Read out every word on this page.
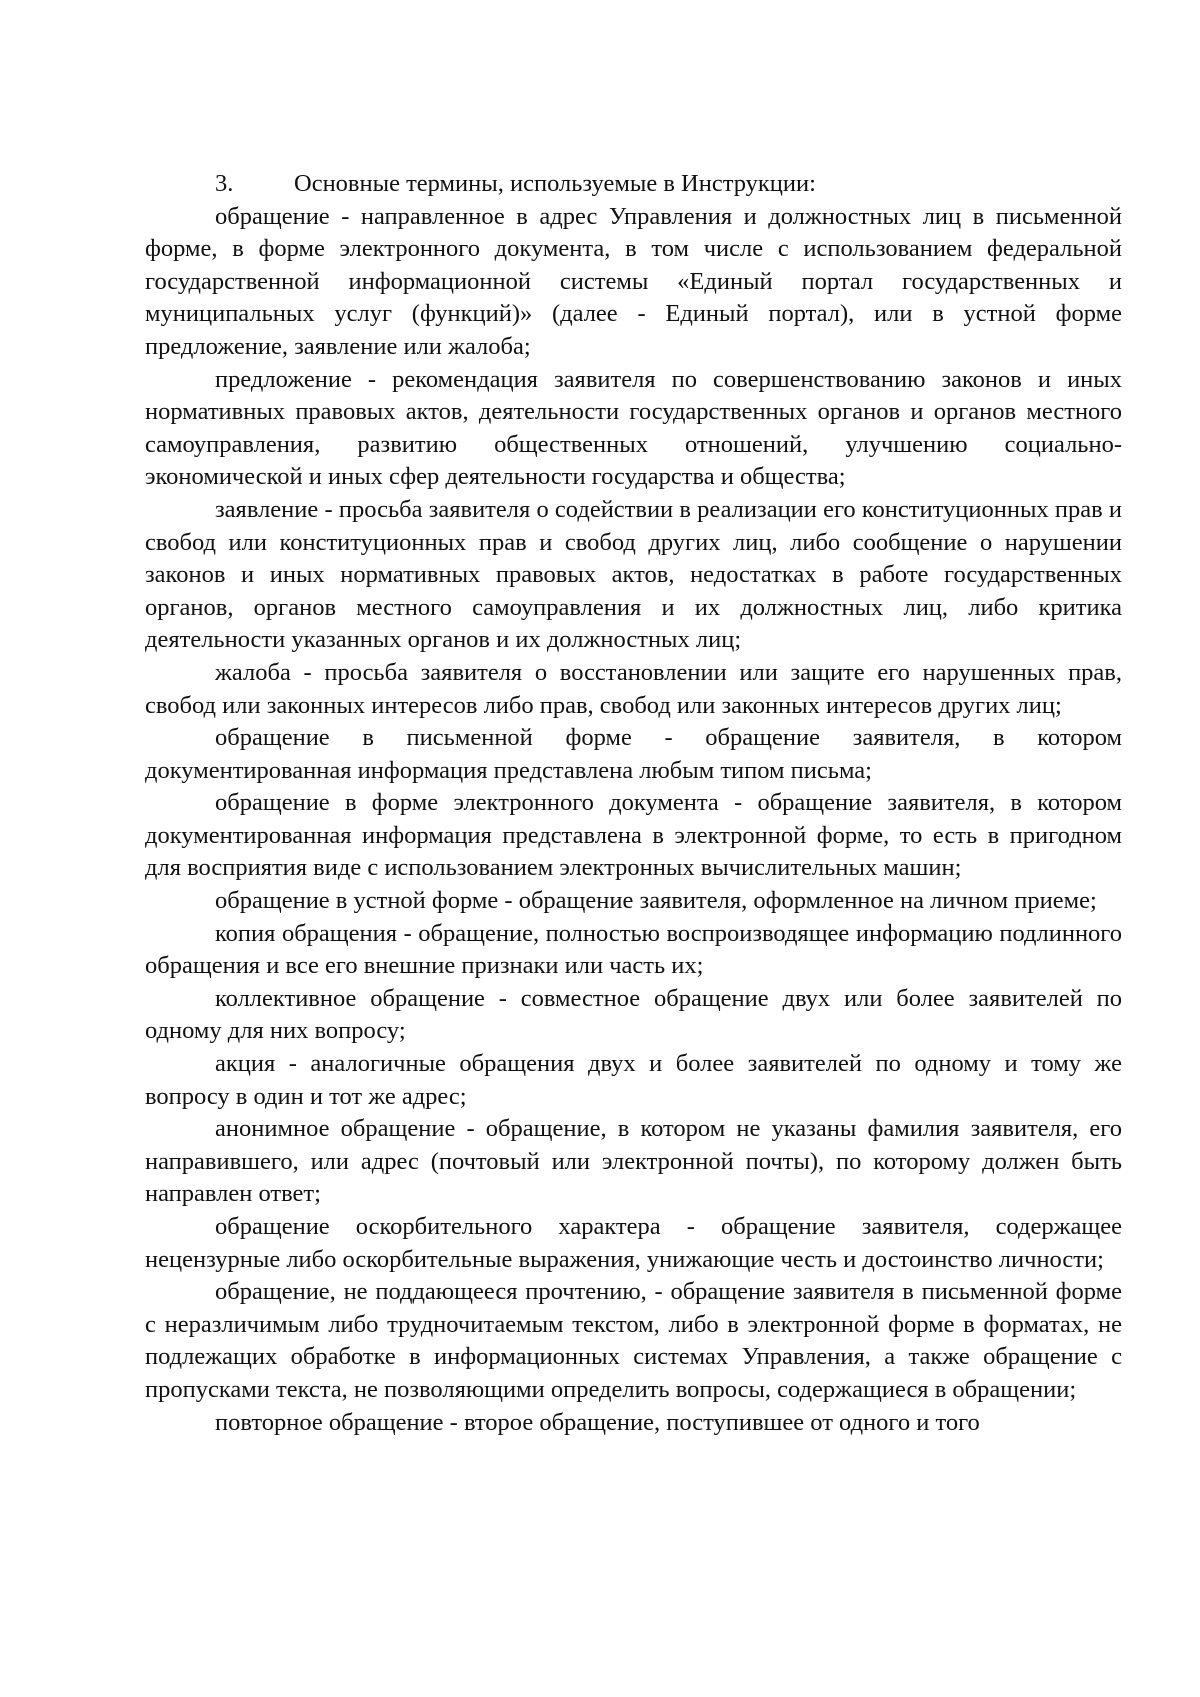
3. Основные термины, используемые в Инструкции:

обращение - направленное в адрес Управления и должностных лиц в письменной форме, в форме электронного документа, в том числе с использованием федеральной государственной информационной системы «Единый портал государственных и муниципальных услуг (функций)» (далее - Единый портал), или в устной форме предложение, заявление или жалоба;

предложение - рекомендация заявителя по совершенствованию законов и иных нормативных правовых актов, деятельности государственных органов и органов местного самоуправления, развитию общественных отношений, улучшению социально-экономической и иных сфер деятельности государства и общества;

заявление - просьба заявителя о содействии в реализации его конституционных прав и свобод или конституционных прав и свобод других лиц, либо сообщение о нарушении законов и иных нормативных правовых актов, недостатках в работе государственных органов, органов местного самоуправления и их должностных лиц, либо критика деятельности указанных органов и их должностных лиц;

жалоба - просьба заявителя о восстановлении или защите его нарушенных прав, свобод или законных интересов либо прав, свобод или законных интересов других лиц;

обращение в письменной форме - обращение заявителя, в котором документированная информация представлена любым типом письма;

обращение в форме электронного документа - обращение заявителя, в котором документированная информация представлена в электронной форме, то есть в пригодном для восприятия виде с использованием электронных вычислительных машин;

обращение в устной форме - обращение заявителя, оформленное на личном приеме;

копия обращения - обращение, полностью воспроизводящее информацию подлинного обращения и все его внешние признаки или часть их;

коллективное обращение - совместное обращение двух или более заявителей по одному для них вопросу;

акция - аналогичные обращения двух и более заявителей по одному и тому же вопросу в один и тот же адрес;

анонимное обращение - обращение, в котором не указаны фамилия заявителя, его направившего, или адрес (почтовый или электронной почты), по которому должен быть направлен ответ;

обращение оскорбительного характера - обращение заявителя, содержащее нецензурные либо оскорбительные выражения, унижающие честь и достоинство личности;

обращение, не поддающееся прочтению, - обращение заявителя в письменной форме с неразличимым либо трудночитаемым текстом, либо в электронной форме в форматах, не подлежащих обработке в информационных системах Управления, а также обращение с пропусками текста, не позволяющими определить вопросы, содержащиеся в обращении;

повторное обращение - второе обращение, поступившее от одного и того
